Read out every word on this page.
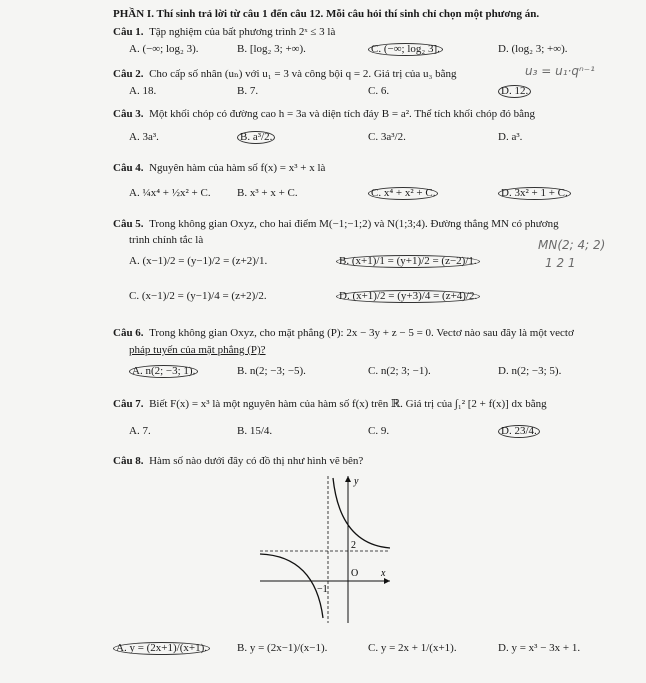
PHẦN I. Thí sinh trả lời từ câu 1 đến câu 12. Mỗi câu hỏi thí sinh chỉ chọn một phương án.
Câu 1. Tập nghiệm của bất phương trình 2ˣ ≤ 3 là
A. (−∞; log₂ 3).	B. [log₂ 3; +∞).	C. (−∞; log₂ 3].	D. (log₂ 3; +∞).
Câu 2. Cho cấp số nhân (uₙ) với u₁ = 3 và công bội q = 2. Giá trị của u₃ bằng	u₃ = u₁·qⁿ⁻¹
A. 18.	B. 7.	C. 6.	D. 12.
Câu 3. Một khối chóp có đường cao h = 3a và diện tích đáy B = a². Thể tích khối chóp đó bằng
A. 3a³.	B. a³/2.	C. 3a³/2.	D. a³.
Câu 4. Nguyên hàm của hàm số f(x) = x³ + x là
A. ¼x⁴ + ½x² + C. B. x³ + x + C.	C. x⁴ + x² + C.	D. 3x² + 1 + C.
Câu 5. Trong không gian Oxyz, cho hai điểm M(−1;−1;2) và N(1;3;4). Đường thẳng MN có phương
trình chính tắc là	MN(2; 4; 2)
1 2 1
A. (x−1)/2 = (y−1)/2 = (z+2)/1.	B. (x+1)/1 = (y+1)/2 = (z−2)/1.
C. (x−1)/2 = (y−1)/4 = (z+2)/2.	D. (x+1)/2 = (y+3)/4 = (z+4)/2.
Câu 6. Trong không gian Oxyz, cho mặt phẳng (P): 2x − 3y + z − 5 = 0. Vectơ nào sau đây là một vectơ
pháp tuyến của mặt phẳng (P)?
A. n(2; −3; 1).	B. n(2; −3; −5).	C. n(2; 3; −1).	D. n(2; −3; 5).
Câu 7. Biết F(x) = x³ là một nguyên hàm của hàm số f(x) trên ℝ. Giá trị của ∫₁² [2 + f(x)] dx bằng
A. 7.	B. 15/4.	C. 9.	D. 23/4.
Câu 8. Hàm số nào dưới đây có đồ thị như hình vẽ bên?
y
x
O
2
−1
A. y = (2x+1)/(x+1).	B. y = (2x−1)/(x−1).	C. y = 2x + 1/(x+1).	D. y = x³ − 3x + 1.
